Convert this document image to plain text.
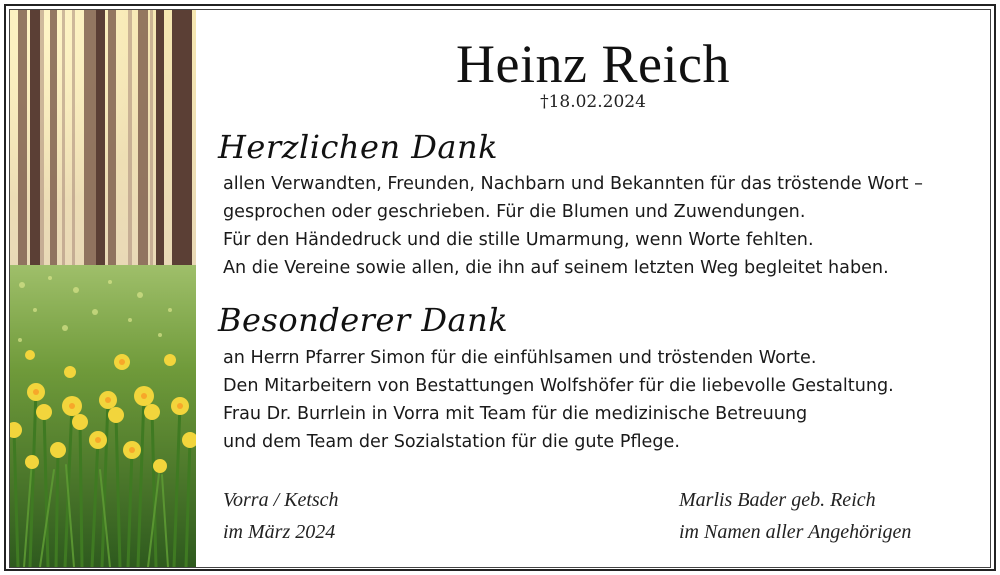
Heinz Reich
†18.02.2024
Herzlichen Dank
allen Verwandten, Freunden, Nachbarn und Bekannten für das tröstende Wort –
gesprochen oder geschrieben. Für die Blumen und Zuwendungen.
Für den Händedruck und die stille Umarmung, wenn Worte fehlten.
An die Vereine sowie allen, die ihn auf seinem letzten Weg begleitet haben.
Besonderer Dank
an Herrn Pfarrer Simon für die einfühlsamen und tröstenden Worte.
Den Mitarbeitern von Bestattungen Wolfshöfer für die liebevolle Gestaltung.
Frau Dr. Burrlein in Vorra mit Team für die medizinische Betreuung
und dem Team der Sozialstation für die gute Pflege.
Vorra / Ketsch
im März 2024
Marlis Bader geb. Reich
im Namen aller Angehörigen
